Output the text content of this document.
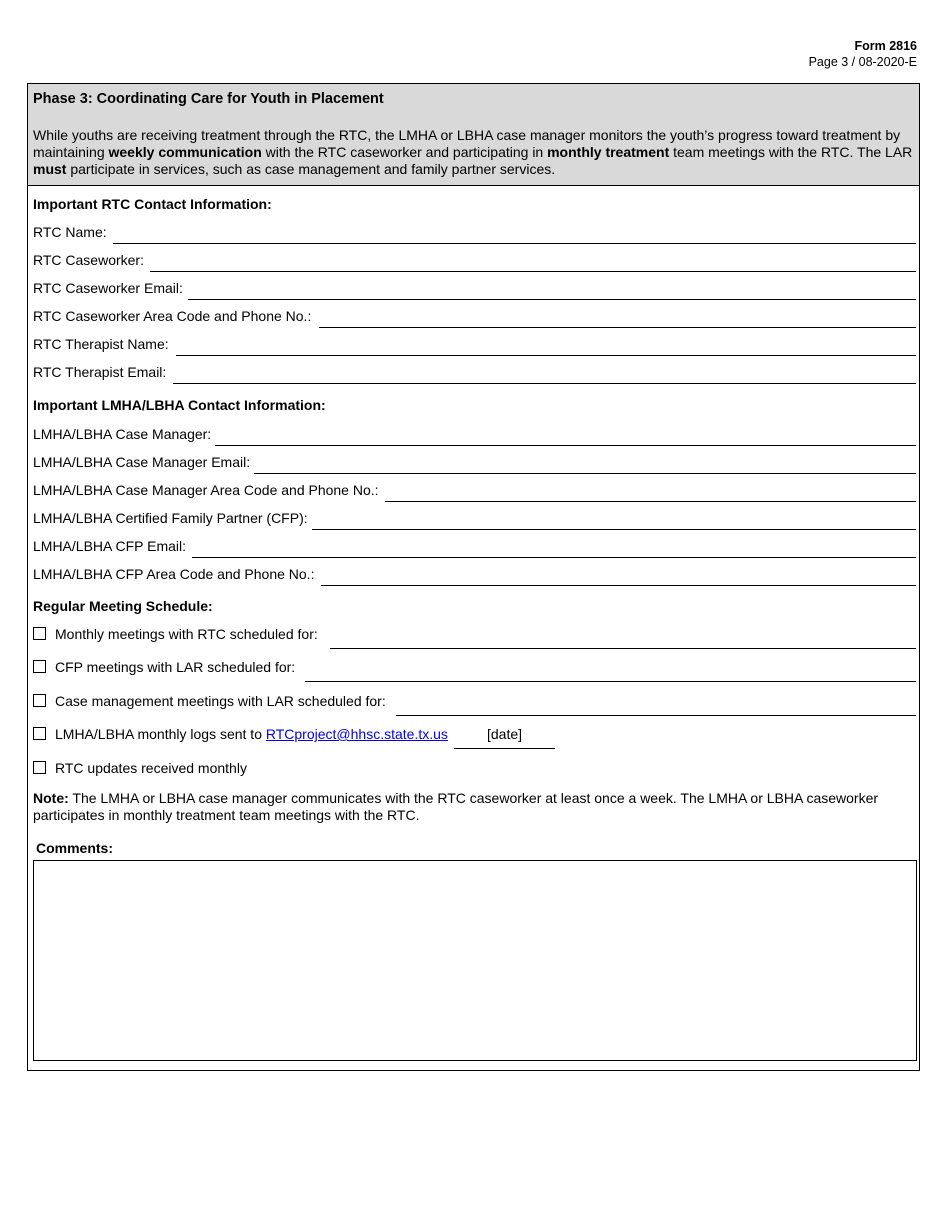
Form 2816
Page 3 / 08-2020-E
Phase 3: Coordinating Care for Youth in Placement
While youths are receiving treatment through the RTC, the LMHA or LBHA case manager monitors the youth’s progress toward treatment by maintaining weekly communication with the RTC caseworker and participating in monthly treatment team meetings with the RTC. The LAR must participate in services, such as case management and family partner services.
Important RTC Contact Information:
RTC Name:
RTC Caseworker:
RTC Caseworker Email:
RTC Caseworker Area Code and Phone No.:
RTC Therapist Name:
RTC Therapist Email:
Important LMHA/LBHA Contact Information:
LMHA/LBHA Case Manager:
LMHA/LBHA Case Manager Email:
LMHA/LBHA Case Manager Area Code and Phone No.:
LMHA/LBHA Certified Family Partner (CFP):
LMHA/LBHA CFP Email:
LMHA/LBHA CFP Area Code and Phone No.:
Regular Meeting Schedule:
Monthly meetings with RTC scheduled for:
CFP meetings with LAR scheduled for:
Case management meetings with LAR scheduled for:
LMHA/LBHA monthly logs sent to RTCproject@hhsc.state.tx.us	[date]
RTC updates received monthly
Note: The LMHA or LBHA case manager communicates with the RTC caseworker at least once a week. The LMHA or LBHA caseworker participates in monthly treatment team meetings with the RTC.
Comments:
